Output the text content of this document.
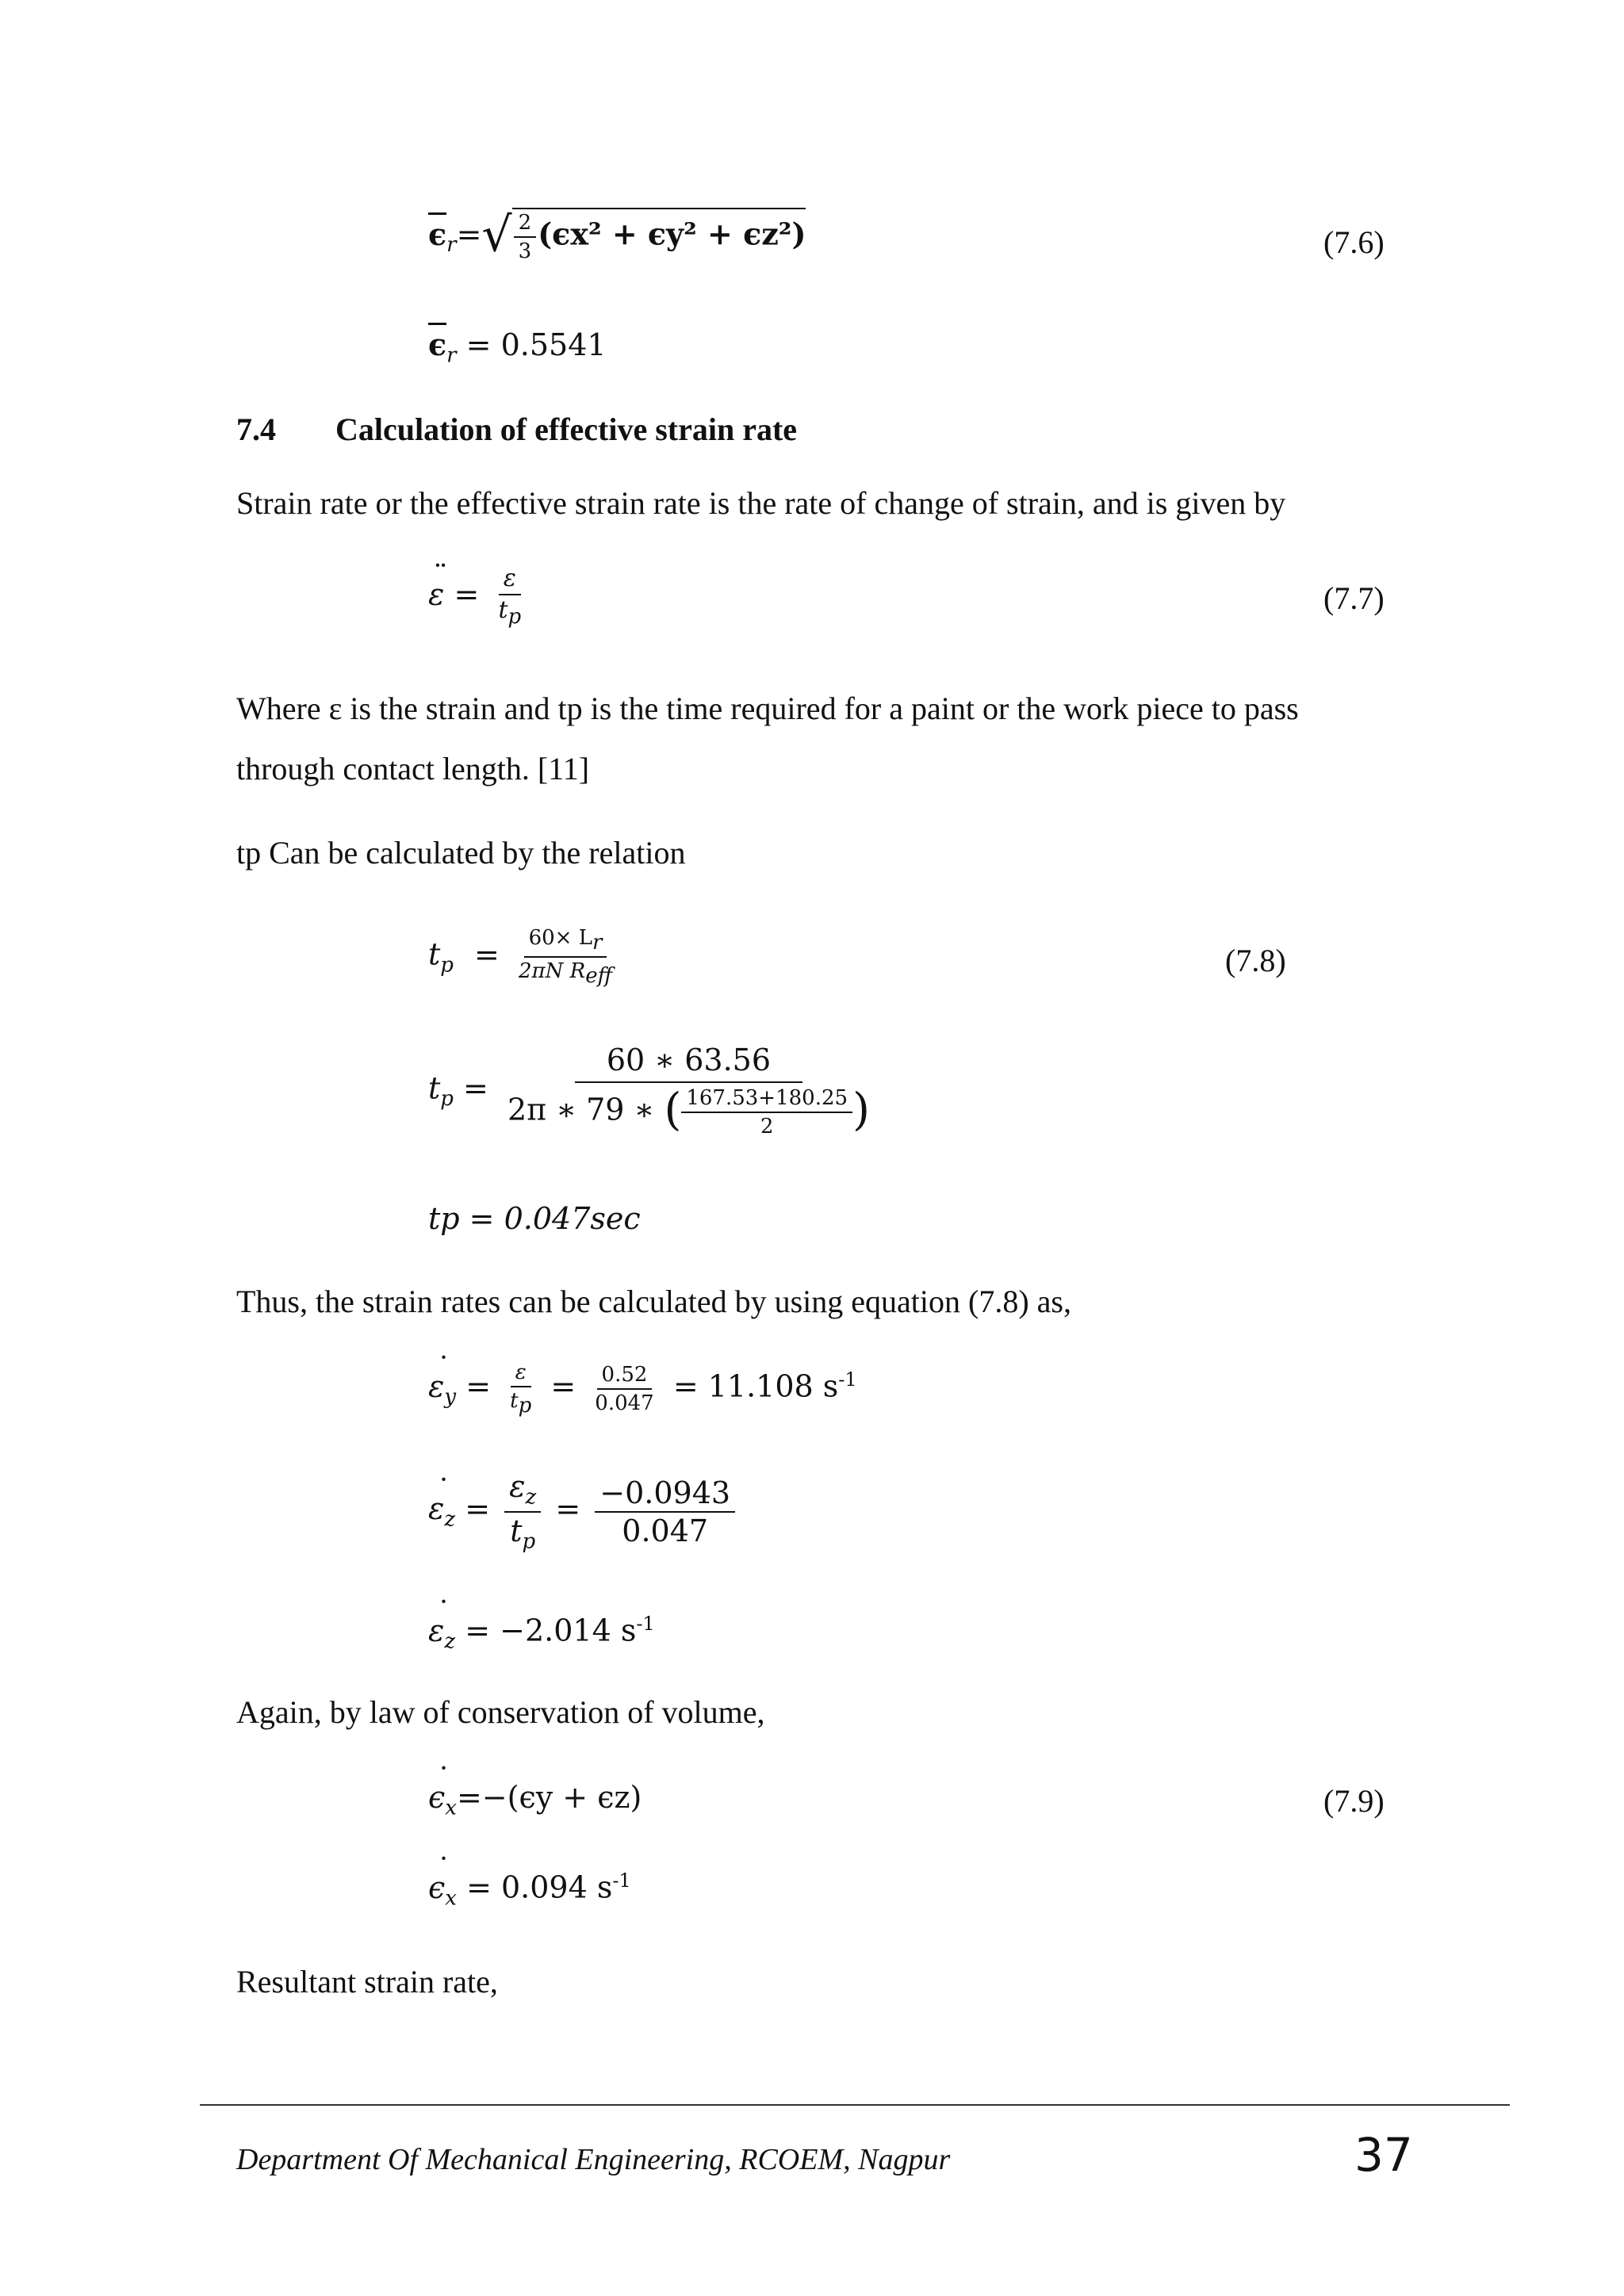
$\epsilon_r=√ \frac{2}{3} (\epsilon x^2 + \epsilon y^2 + \epsilon z^2)$	(7.6)
$\epsilon_r = 0.5541$
7.4 Calculation of effective strain rate
Strain rate or the effective strain rate is the rate of change of strain, and is given by
ε ¨ = $\frac{\varepsilon}{tp}$	(7.7)
Where ε is the strain and tp is the time required for a paint or the work piece to pass
through contact length. [11]
tp Can be calculated by the relation
$t_p = \frac{60\times Lr}{\text{2πN Reff}}$	(7.8)
$t_p = \frac{60 ∗ 63.56}{2\pi ∗ 79 ∗ ( \frac{167.53+180.25}{2} )}$
tp = 0.047sec
Thus, the strain rates can be calculated by using equation (7.8) as,
ε $˙_y = \frac{\varepsilon}{tp} = \frac{0.52}{0.047} = 11.108$ $s^{-1}$
ε $˙_z = \frac{\varepsilon_z}{t_p} = \frac{-0.0943}{0.047}$
ε $˙_z = -2.014$ $s^{-1}$
Again, by law of conservation of volume,
ϵ $˙_x=-(\epsilon y + \epsilon z)$	(7.9)
ϵ $˙_x = 0.094$ $s^{-1}$
Resultant strain rate,
Department Of Mechanical Engineering, RCOEM, Nagpur	37
